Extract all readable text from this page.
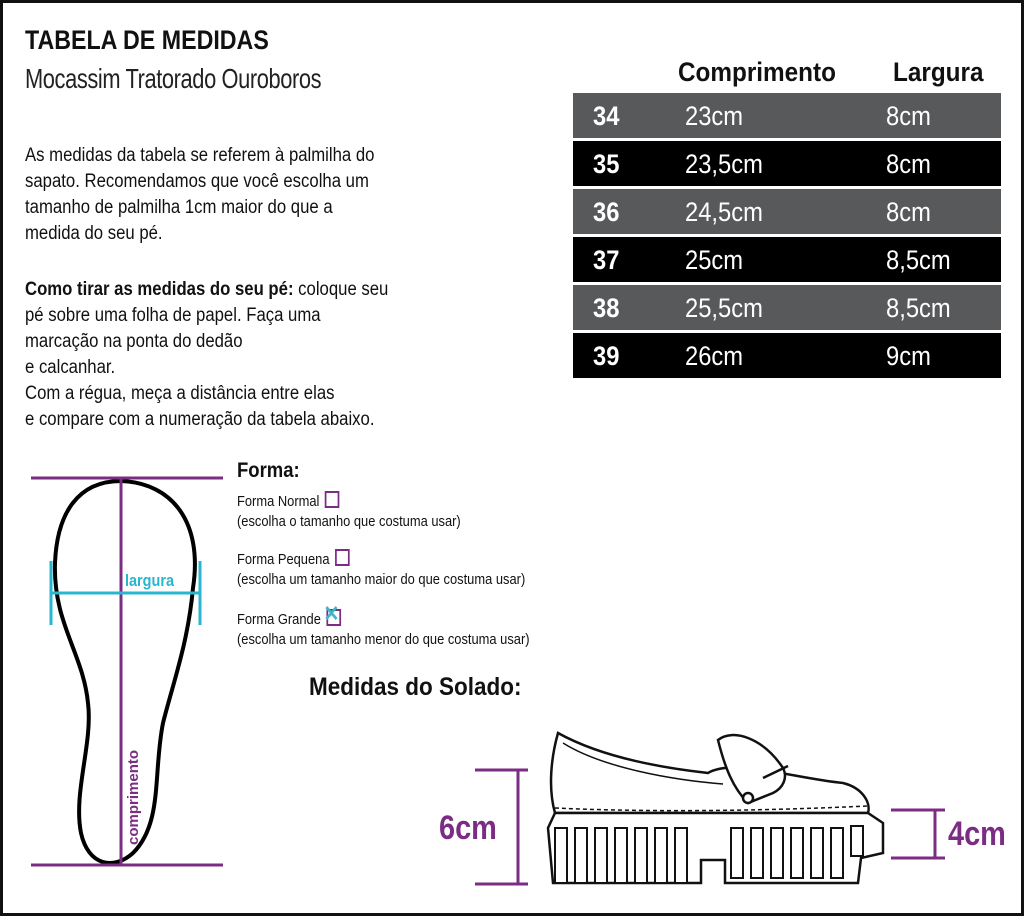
TABELA DE MEDIDAS
Mocassim Tratorado Ouroboros
As medidas da tabela se referem à palmilha do
sapato. Recomendamos que você escolha um
tamanho de palmilha 1cm maior do que a
medida do seu pé.
Como tirar as medidas do seu pé: coloque seu
pé sobre uma folha de papel. Faça uma
marcação na ponta do dedão
e calcanhar.
Com a régua, meça a distância entre elas
e compare com a numeração da tabela abaixo.
Comprimento Largura
34 23cm	8cm
35 23,5cm	8cm
36 24,5cm	8cm
37 25cm	8,5cm
38 25,5cm	8,5cm
39 26cm	9cm
largura
comprimento
Forma:
Forma Normal
(escolha o tamanho que costuma usar)
Forma Pequena
(escolha um tamanho maior do que costuma usar)
Forma Grande ✕

(escolha um tamanho menor do que costuma usar)
Medidas do Solado:
6cm	4cm
